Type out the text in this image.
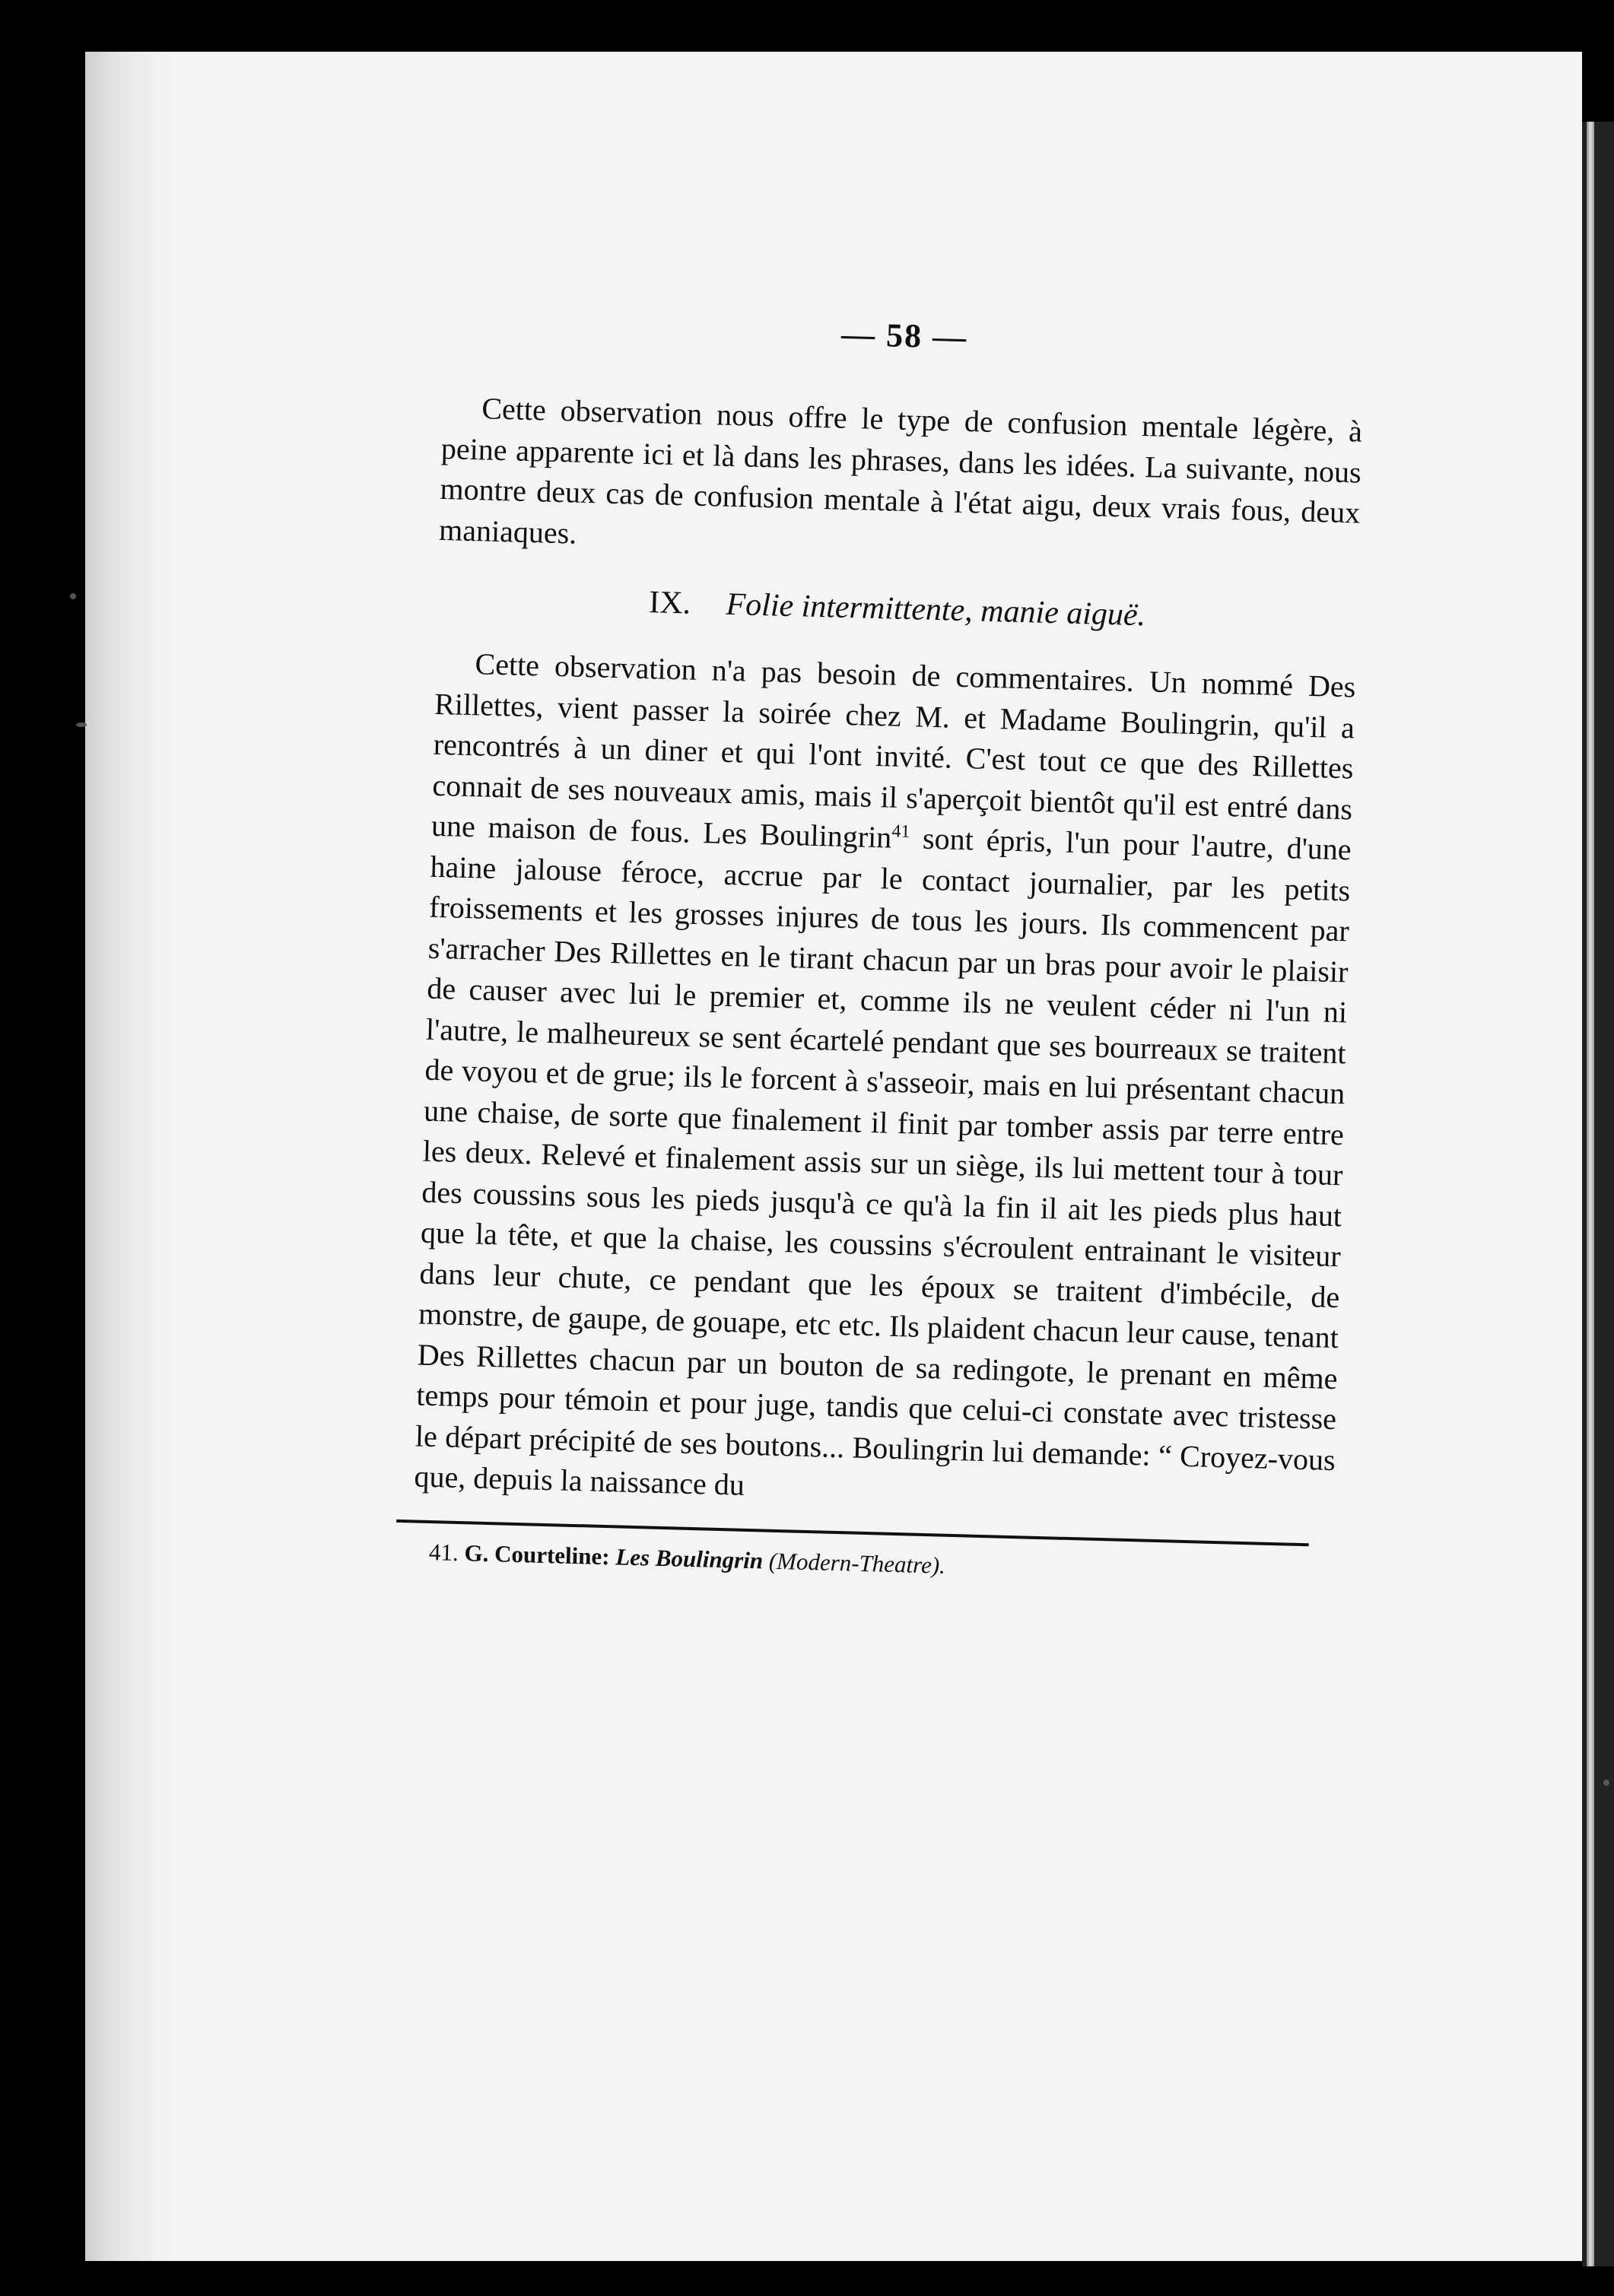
— 58 —

Cette observation nous offre le type de confusion mentale légère, à peine apparente ici et là dans les phrases, dans les idées. La suivante, nous montre deux cas de confusion mentale à l'état aigu, deux vrais fous, deux maniaques.

IX. Folie intermittente, manie aiguë.

Cette observation n'a pas besoin de commentaires. Un nommé Des Rillettes, vient passer la soirée chez M. et Madame Boulingrin, qu'il a rencontrés à un diner et qui l'ont invité. C'est tout ce que des Rillettes connait de ses nouveaux amis, mais il s'aperçoit bientôt qu'il est entré dans une maison de fous. Les Boulingrin$^{41}$ sont épris, l'un pour l'autre, d'une haine jalouse féroce, accrue par le contact journalier, par les petits froissements et les grosses injures de tous les jours. Ils commencent par s'arracher Des Rillettes en le tirant chacun par un bras pour avoir le plaisir de causer avec lui le premier et, comme ils ne veulent céder ni l'un ni l'autre, le malheureux se sent écartelé pendant que ses bourreaux se traitent de voyou et de grue; ils le forcent à s'asseoir, mais en lui présentant chacun une chaise, de sorte que finalement il finit par tomber assis par terre entre les deux. Relevé et finalement assis sur un siège, ils lui mettent tour à tour des coussins sous les pieds jusqu'à ce qu'à la fin il ait les pieds plus haut que la tête, et que la chaise, les coussins s'écroulent entrainant le visiteur dans leur chute, ce pendant que les époux se traitent d'imbécile, de monstre, de gaupe, de gouape, etc etc. Ils plaident chacun leur cause, tenant Des Rillettes chacun par un bouton de sa redingote, le prenant en même temps pour témoin et pour juge, tandis que celui-ci constate avec tristesse le départ précipité de ses boutons... Boulingrin lui demande: “ Croyez-vous que, depuis la naissance du

41. G. Courteline: Les Boulingrin (Modern-Theatre).
